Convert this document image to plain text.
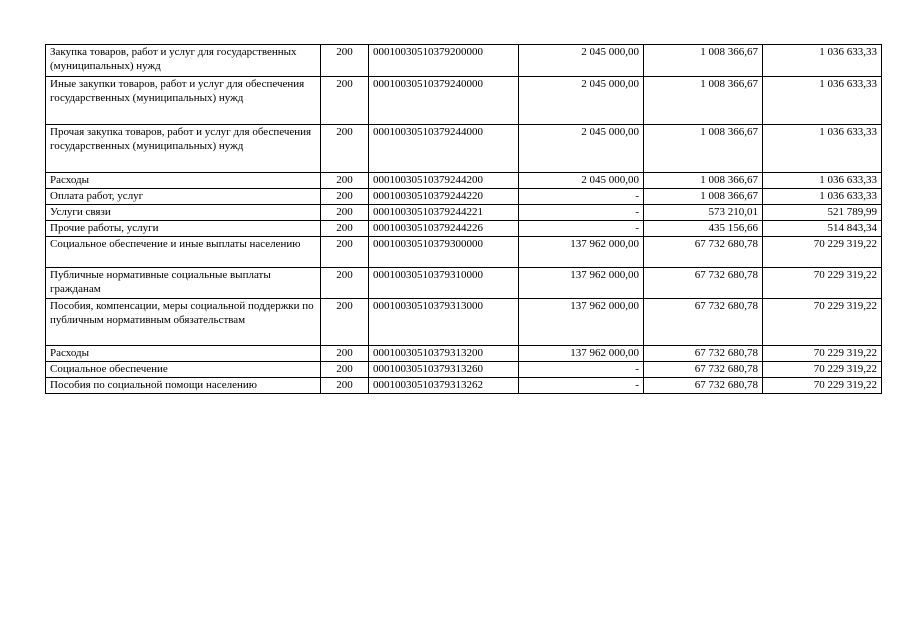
Закупка товаров, работ и услуг для государственных (муниципальных) нужд	200	00010030510379200000	2 045 000,00	1 008 366,67	1 036 633,33
Иные закупки товаров, работ и услуг для обеспечения государственных (муниципальных) нужд	200	00010030510379240000	2 045 000,00	1 008 366,67	1 036 633,33
Прочая закупка товаров, работ и услуг для обеспечения государственных (муниципальных) нужд	200	00010030510379244000	2 045 000,00	1 008 366,67	1 036 633,33
Расходы	200	00010030510379244200	2 045 000,00	1 008 366,67	1 036 633,33
Оплата работ, услуг	200	00010030510379244220	-	1 008 366,67	1 036 633,33
Услуги связи	200	00010030510379244221	-	573 210,01	521 789,99
Прочие работы, услуги	200	00010030510379244226	-	435 156,66	514 843,34
Социальное обеспечение и иные выплаты населению	200	00010030510379300000	137 962 000,00	67 732 680,78	70 229 319,22
Публичные нормативные социальные выплаты гражданам	200	00010030510379310000	137 962 000,00	67 732 680,78	70 229 319,22
Пособия, компенсации, меры социальной поддержки по публичным нормативным обязательствам	200	00010030510379313000	137 962 000,00	67 732 680,78	70 229 319,22
Расходы	200	00010030510379313200	137 962 000,00	67 732 680,78	70 229 319,22
Социальное обеспечение	200	00010030510379313260	-	67 732 680,78	70 229 319,22
Пособия по социальной помощи населению	200	00010030510379313262	-	67 732 680,78	70 229 319,22
